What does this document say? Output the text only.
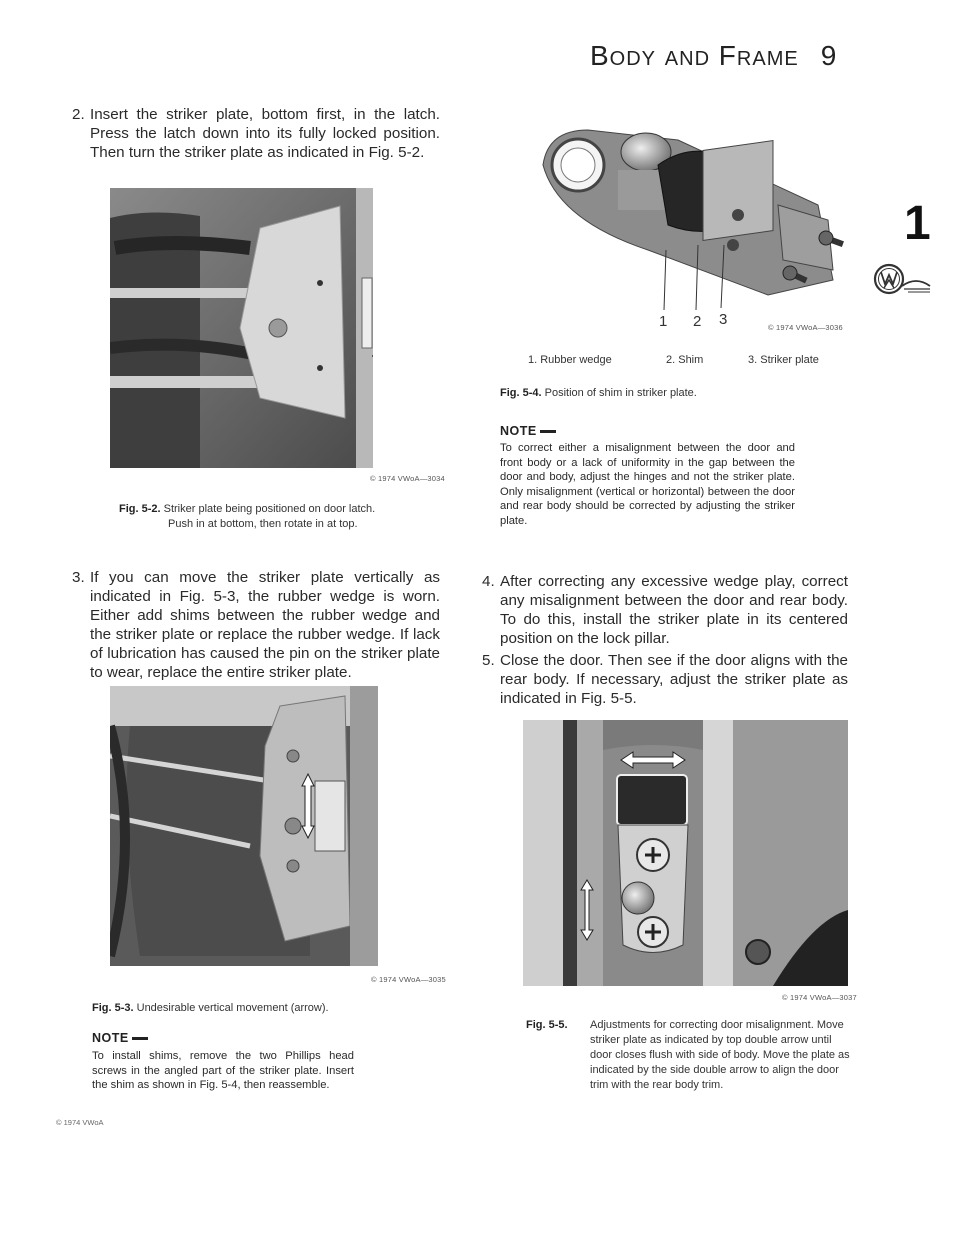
Body and Frame 9
1
2. Insert the striker plate, bottom first, in the latch. Press the latch down into its fully locked position. Then turn the striker plate as indicated in Fig. 5-2.
© 1974 VWoA—3034
Fig. 5-2. Striker plate being positioned on door latch.
Push in at bottom, then rotate in at top.
3. If you can move the striker plate vertically as indicated in Fig. 5-3, the rubber wedge is worn. Either add shims between the rubber wedge and the striker plate or replace the rubber wedge. If lack of lubrication has caused the pin on the striker plate to wear, replace the entire striker plate.
© 1974 VWoA—3035
Fig. 5-3. Undesirable vertical movement (arrow).
NOTE
To install shims, remove the two Phillips head screws in the angled part of the striker plate. Insert the shim as shown in Fig. 5-4, then reassemble.
© 1974 VWoA
1 2 3	© 1974 VWoA—3036
1. Rubber wedge	2. Shim	3. Striker plate
Fig. 5-4. Position of shim in striker plate.
NOTE
To correct either a misalignment between the door and front body or a lack of uniformity in the gap between the door and body, adjust the hinges and not the striker plate. Only misalignment (vertical or horizontal) between the door and rear body should be corrected by adjusting the striker plate.
4. After correcting any excessive wedge play, correct any misalignment between the door and rear body. To do this, install the striker plate in its centered position on the lock pillar.
5. Close the door. Then see if the door aligns with the rear body. If necessary, adjust the striker plate as indicated in Fig. 5-5.
© 1974 VWoA—3037
Fig. 5-5. Adjustments for correcting door misalignment. Move striker plate as indicated by top double arrow until door closes flush with side of body. Move the plate as indicated by the side double arrow to align the door trim with the rear body trim.
